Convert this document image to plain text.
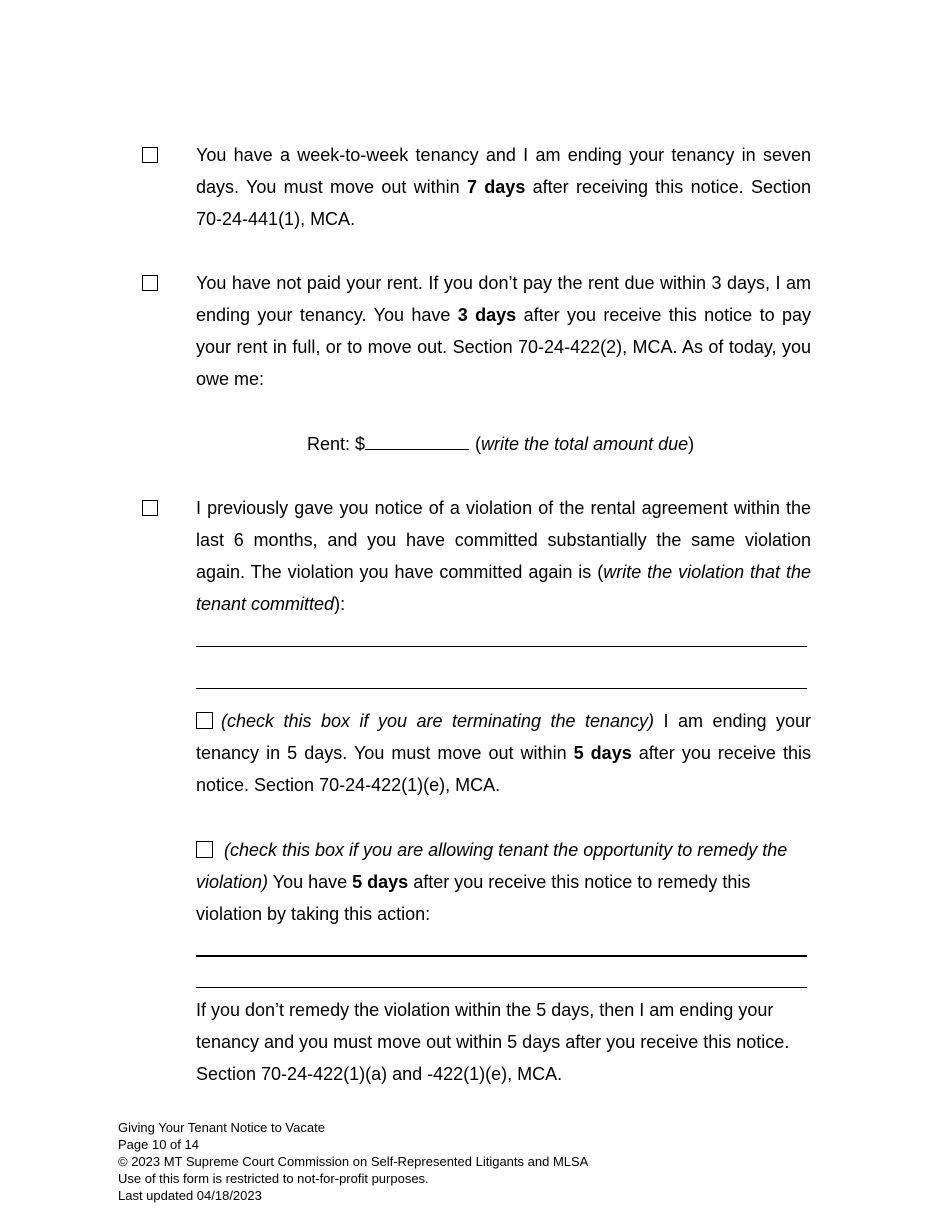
You have a week-to-week tenancy and I am ending your tenancy in seven days. You must move out within 7 days after receiving this notice. Section 70-24-441(1), MCA.
You have not paid your rent. If you don’t pay the rent due within 3 days, I am ending your tenancy. You have 3 days after you receive this notice to pay your rent in full, or to move out. Section 70-24-422(2), MCA. As of today, you owe me:
Rent: $	(write the total amount due)
I previously gave you notice of a violation of the rental agreement within the last 6 months, and you have committed substantially the same violation again. The violation you have committed again is (write the violation that the tenant committed):
(check this box if you are terminating the tenancy) I am ending your tenancy in 5 days. You must move out within 5 days after you receive this notice. Section 70-24-422(1)(e), MCA.
(check this box if you are allowing tenant the opportunity to remedy the violation) You have 5 days after you receive this notice to remedy this violation by taking this action:
If you don’t remedy the violation within the 5 days, then I am ending your tenancy and you must move out within 5 days after you receive this notice. Section 70-24-422(1)(a) and -422(1)(e), MCA.
Giving Your Tenant Notice to Vacate
Page 10 of 14
© 2023 MT Supreme Court Commission on Self-Represented Litigants and MLSA
Use of this form is restricted to not-for-profit purposes.
Last updated 04/18/2023
